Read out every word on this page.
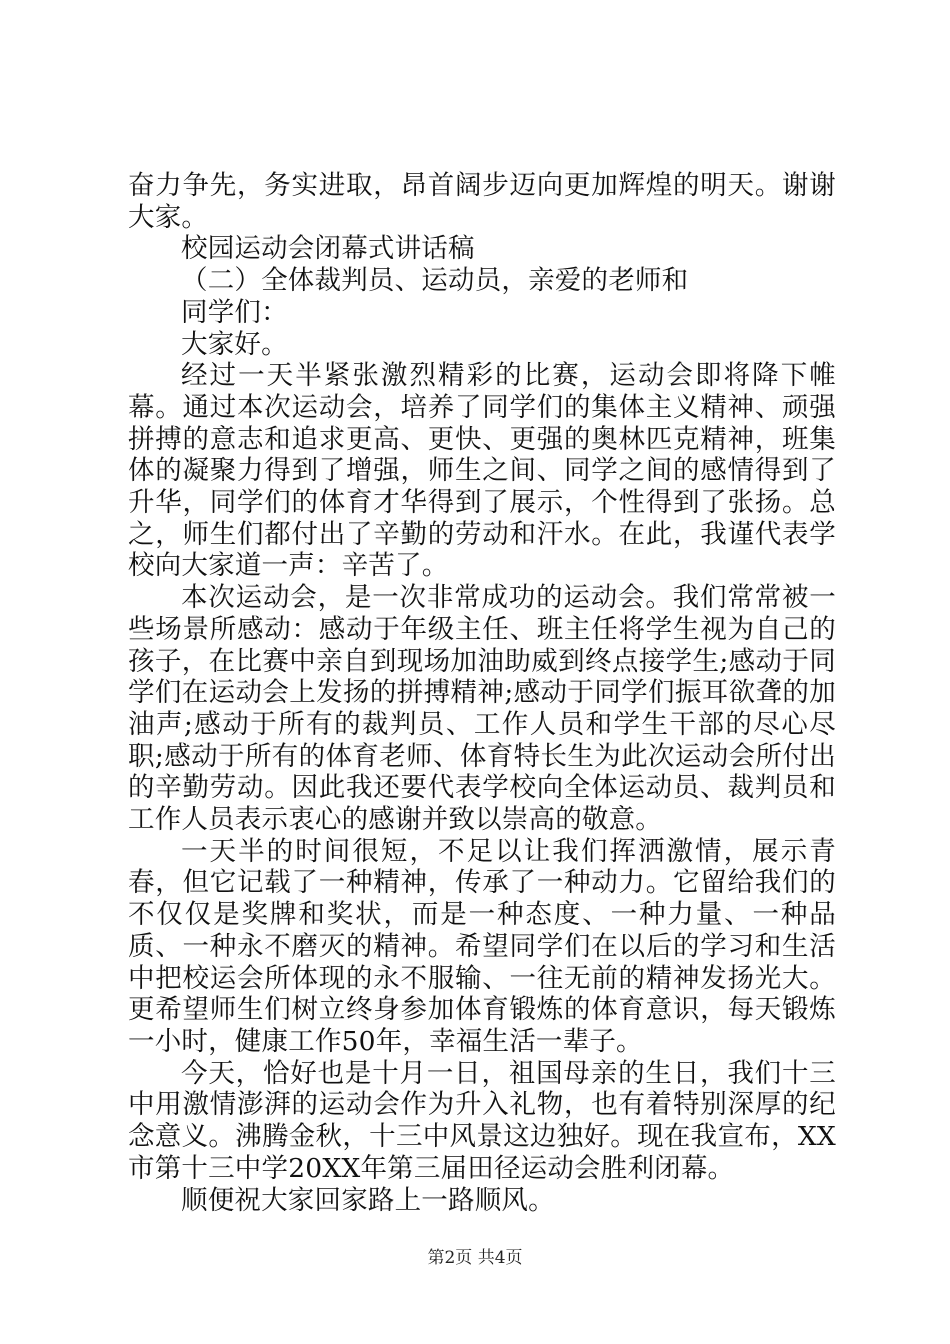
奋力争先，务实进取，昂首阔步迈向更加辉煌的明天。谢谢大家。

校园运动会闭幕式讲话稿

（二）全体裁判员、运动员，亲爱的老师和

同学们：

大家好。

经过一天半紧张激烈精彩的比赛，运动会即将降下帷幕。通过本次运动会，培养了同学们的集体主义精神、顽强拼搏的意志和追求更高、更快、更强的奥林匹克精神，班集体的凝聚力得到了增强，师生之间、同学之间的感情得到了升华，同学们的体育才华得到了展示，个性得到了张扬。总之，师生们都付出了辛勤的劳动和汗水。在此，我谨代表学校向大家道一声：辛苦了。

本次运动会，是一次非常成功的运动会。我们常常被一些场景所感动：感动于年级主任、班主任将学生视为自己的孩子，在比赛中亲自到现场加油助威到终点接学生;感动于同学们在运动会上发扬的拼搏精神;感动于同学们振耳欲聋的加油声;感动于所有的裁判员、工作人员和学生干部的尽心尽职;感动于所有的体育老师、体育特长生为此次运动会所付出的辛勤劳动。因此我还要代表学校向全体运动员、裁判员和工作人员表示衷心的感谢并致以崇高的敬意。

一天半的时间很短，不足以让我们挥洒激情，展示青春，但它记载了一种精神，传承了一种动力。它留给我们的不仅仅是奖牌和奖状，而是一种态度、一种力量、一种品质、一种永不磨灭的精神。希望同学们在以后的学习和生活中把校运会所体现的永不服输、一往无前的精神发扬光大。更希望师生们树立终身参加体育锻炼的体育意识，每天锻炼一小时，健康工作50年，幸福生活一辈子。

今天，恰好也是十月一日，祖国母亲的生日，我们十三中用激情澎湃的运动会作为升入礼物，也有着特别深厚的纪念意义。沸腾金秋，十三中风景这边独好。现在我宣布，XX市第十三中学20XX年第三届田径运动会胜利闭幕。

顺便祝大家回家路上一路顺风。

第2页 共4页
